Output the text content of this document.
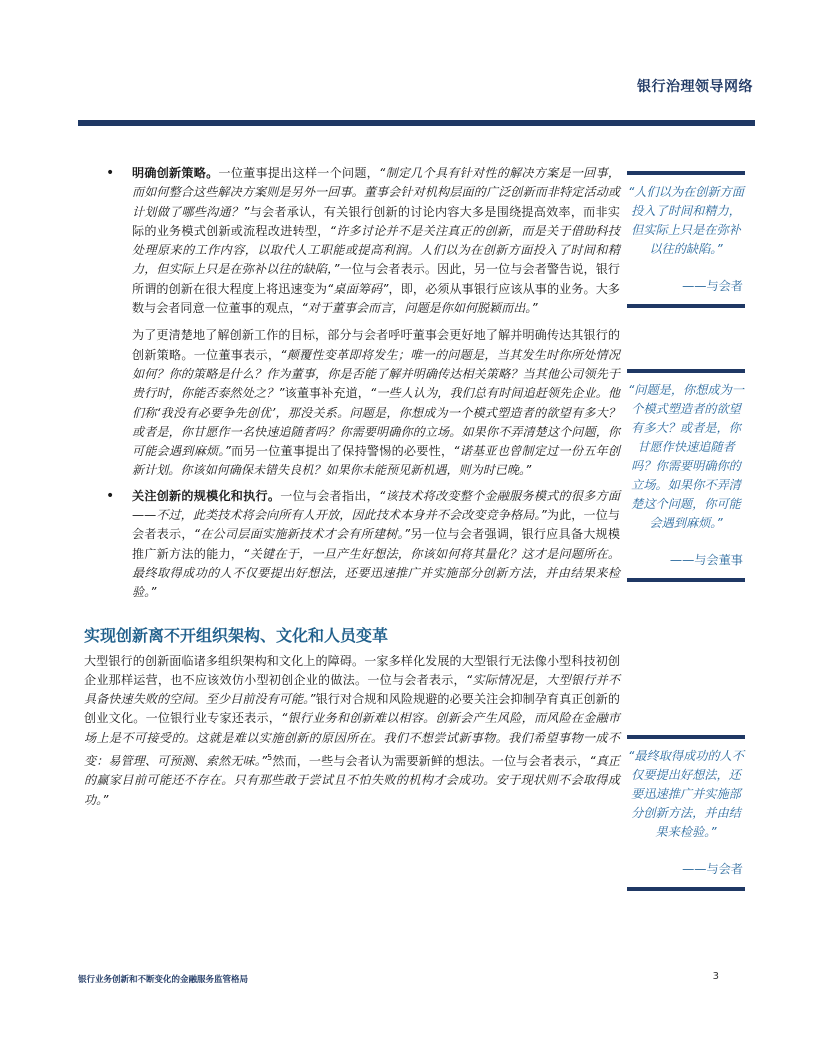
银行治理领导网络
• 明确创新策略。一位董事提出这样一个问题，“制定几个具有针对性的解决方案是一回事，而如何整合这些解决方案则是另外一回事。董事会针对机构层面的广泛创新而非特定活动或计划做了哪些沟通？”与会者承认，有关银行创新的讨论内容大多是围绕提高效率，而非实际的业务模式创新或流程改进转型，“许多讨论并不是关注真正的创新，而是关于借助科技处理原来的工作内容，以取代人工职能或提高利润。人们以为在创新方面投入了时间和精力，但实际上只是在弥补以往的缺陷，”一位与会者表示。因此，另一位与会者警告说，银行所谓的创新在很大程度上将迅速变为“桌面筹码”，即，必须从事银行应该从事的业务。大多数与会者同意一位董事的观点，“对于董事会而言，问题是你如何脱颖而出。”

为了更清楚地了解创新工作的目标，部分与会者呼吁董事会更好地了解并明确传达其银行的创新策略。一位董事表示，“颠覆性变革即将发生；唯一的问题是，当其发生时你所处情况如何？你的策略是什么？作为董事，你是否能了解并明确传达相关策略？当其他公司领先于贵行时，你能否泰然处之？”该董事补充道，“一些人认为，我们总有时间追赶领先企业。他们称‘我没有必要争先创优’，那没关系。问题是，你想成为一个模式塑造者的欲望有多大？或者是，你甘愿作一名快速追随者吗？你需要明确你的立场。如果你不弄清楚这个问题，你可能会遇到麻烦。”而另一位董事提出了保持警惕的必要性，“诺基亚也曾制定过一份五年创新计划。你该如何确保未错失良机？如果你未能预见新机遇，则为时已晚。”

• 关注创新的规模化和执行。一位与会者指出，“该技术将改变整个金融服务模式的很多方面——不过，此类技术将会向所有人开放，因此技术本身并不会改变竞争格局。”为此，一位与会者表示，“在公司层面实施新技术才会有所建树。”另一位与会者强调，银行应具备大规模推广新方法的能力，“关键在于，一旦产生好想法，你该如何将其量化？这才是问题所在。最终取得成功的人不仅要提出好想法，还要迅速推广并实施部分创新方法，并由结果来检验。”

实现创新离不开组织架构、文化和人员变革

大型银行的创新面临诸多组织架构和文化上的障碍。一家多样化发展的大型银行无法像小型科技初创企业那样运营，也不应该效仿小型初创企业的做法。一位与会者表示，“实际情况是，大型银行并不具备快速失败的空间。至少目前没有可能。”银行对合规和风险规避的必要关注会抑制孕育真正创新的创业文化。一位银行业专家还表示，“银行业务和创新难以相容。创新会产生风险，而风险在金融市场上是不可接受的。这就是难以实施创新的原因所在。我们不想尝试新事物。我们希望事物一成不变：易管理、可预测、索然无味。”$^5$然而，一些与会者认为需要新鲜的想法。一位与会者表示，“真正的赢家目前可能还不存在。只有那些敢于尝试且不怕失败的机构才会成功。安于现状则不会取得成功。”

“人们以为在创新方面投入了时间和精力，但实际上只是在弥补以往的缺陷。”

——与会者

“问题是，你想成为一个模式塑造者的欲望有多大？或者是，你甘愿作快速追随者吗？你需要明确你的立场。如果你不弄清楚这个问题，你可能会遇到麻烦。”

——与会董事

“最终取得成功的人不仅要提出好想法，还要迅速推广并实施部分创新方法，并由结果来检验。”

——与会者
银行业务创新和不断变化的金融服务监管格局	3
